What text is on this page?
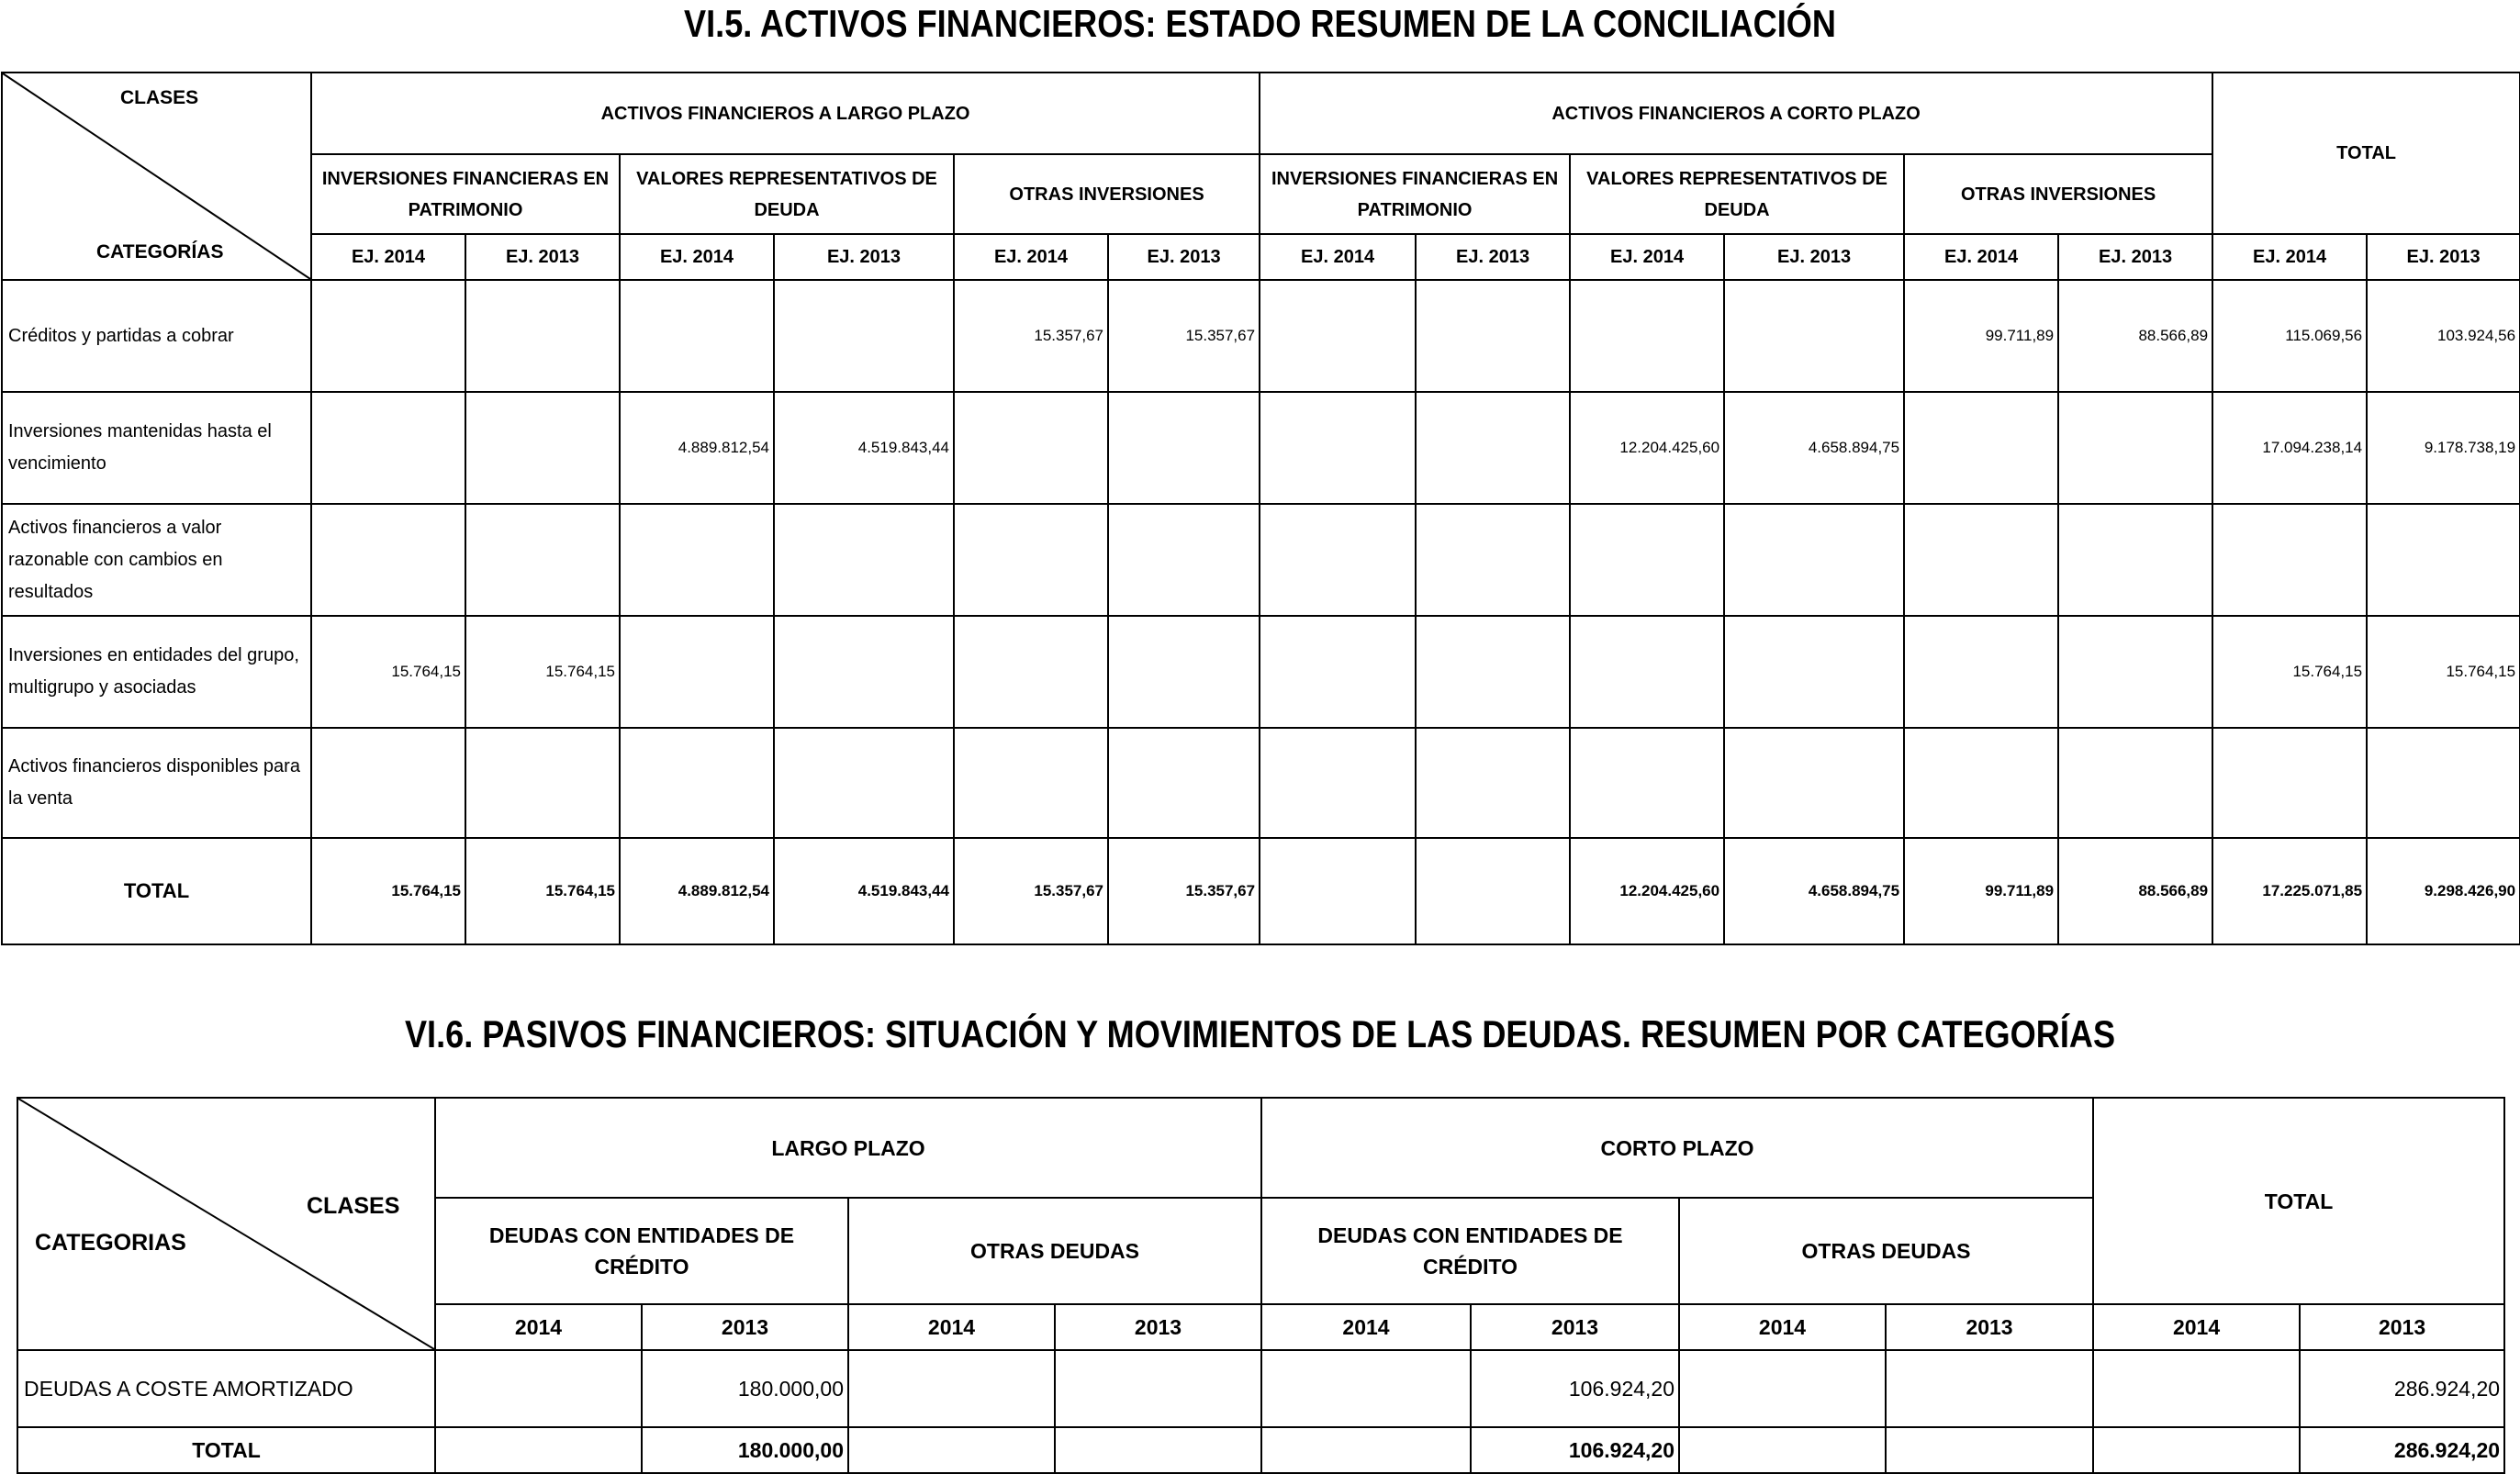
VI.5. ACTIVOS FINANCIEROS: ESTADO RESUMEN DE LA CONCILIACIÓN
CLASES
CATEGORÍAS	ACTIVOS FINANCIEROS A LARGO PLAZO						ACTIVOS FINANCIEROS A CORTO PLAZO						TOTAL	
	INVERSIONES FINANCIERAS EN PATRIMONIO		VALORES REPRESENTATIVOS DE DEUDA		OTRAS INVERSIONES		INVERSIONES FINANCIERAS EN PATRIMONIO		VALORES REPRESENTATIVOS DE DEUDA		OTRAS INVERSIONES			
	EJ. 2014	EJ. 2013	EJ. 2014	EJ. 2013	EJ. 2014	EJ. 2013	EJ. 2014	EJ. 2013	EJ. 2014	EJ. 2013	EJ. 2014	EJ. 2013	EJ. 2014	EJ. 2013
Créditos y partidas a cobrar					15.357,67	15.357,67					99.711,89	88.566,89	115.069,56	103.924,56
Inversiones mantenidas hasta el vencimiento			4.889.812,54	4.519.843,44					12.204.425,60	4.658.894,75			17.094.238,14	9.178.738,19
Activos financieros a valor razonable con cambios en resultados														
Inversiones en entidades del grupo, multigrupo y asociadas	15.764,15	15.764,15											15.764,15	15.764,15
Activos financieros disponibles para la venta														
TOTAL	15.764,15	15.764,15	4.889.812,54	4.519.843,44	15.357,67	15.357,67			12.204.425,60	4.658.894,75	99.711,89	88.566,89	17.225.071,85	9.298.426,90
VI.6. PASIVOS FINANCIEROS: SITUACIÓN Y MOVIMIENTOS DE LAS DEUDAS. RESUMEN POR CATEGORÍAS
CLASES
CATEGORIAS	LARGO PLAZO				CORTO PLAZO				TOTAL	
	DEUDAS CON ENTIDADES DE CRÉDITO		OTRAS DEUDAS		DEUDAS CON ENTIDADES DE CRÉDITO		OTRAS DEUDAS			
	2014	2013	2014	2013	2014	2013	2014	2013	2014	2013
DEUDAS A COSTE AMORTIZADO		180.000,00				106.924,20				286.924,20
TOTAL		180.000,00				106.924,20				286.924,20
